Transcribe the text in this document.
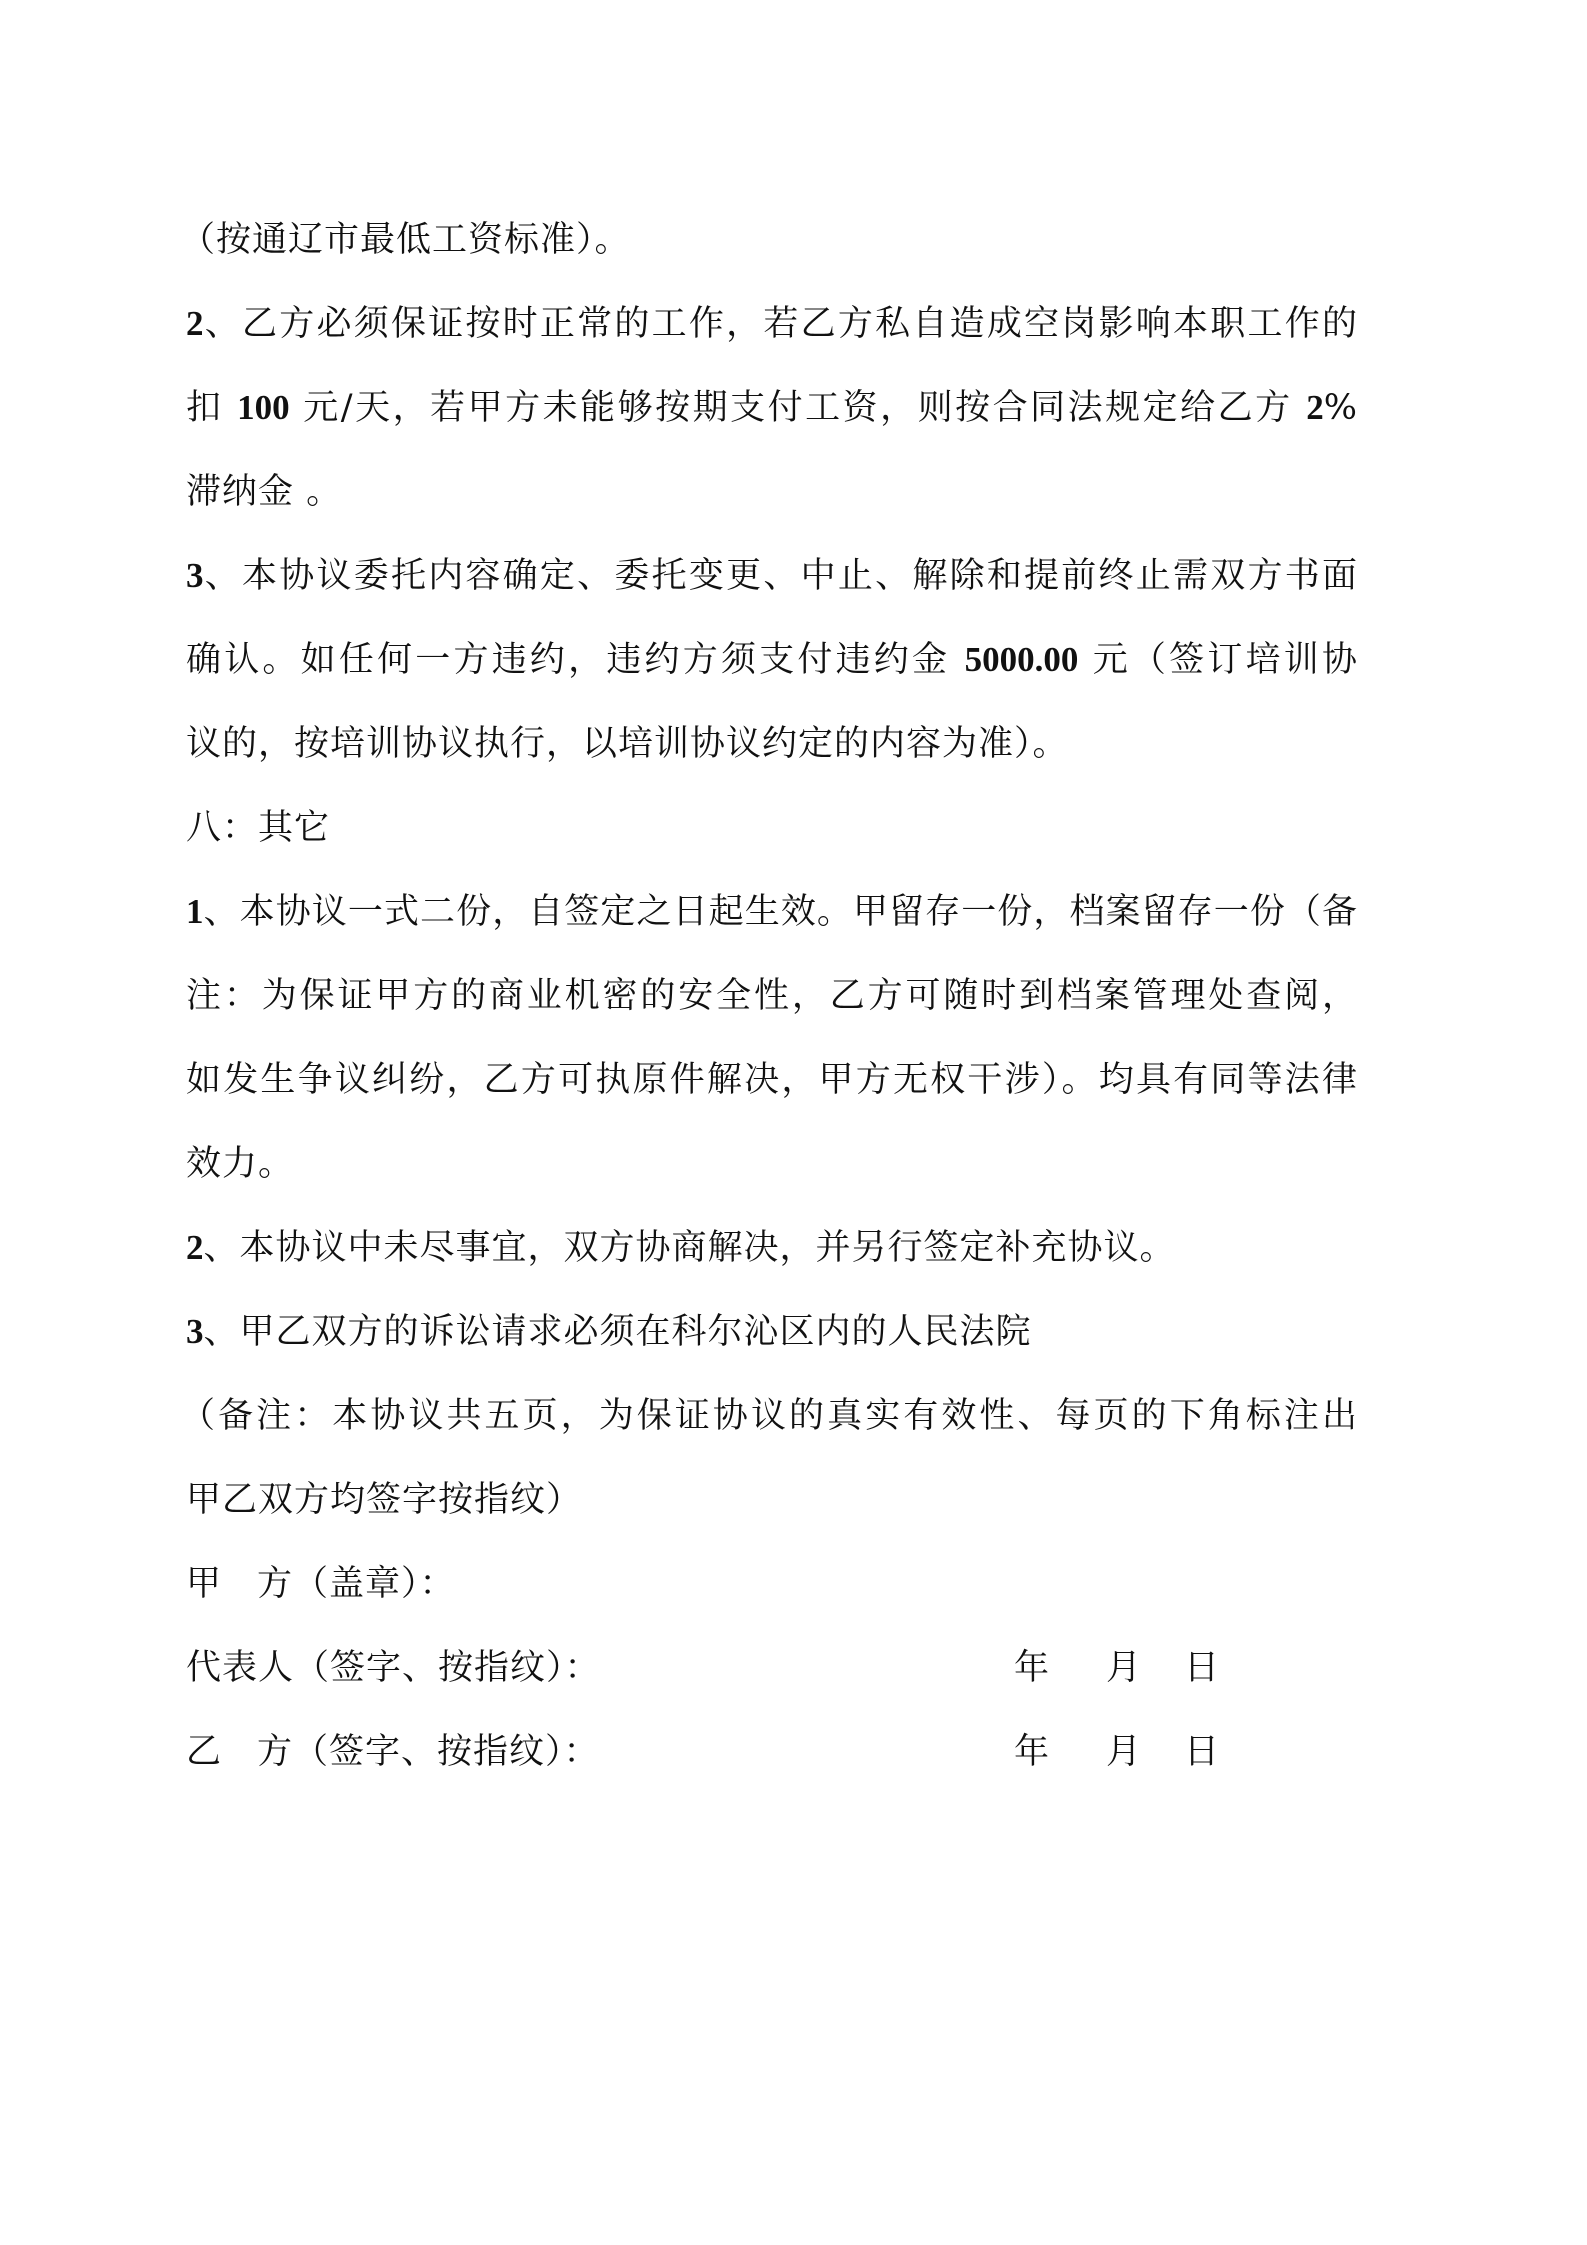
（按通辽市最低工资标准）。
2、乙方必须保证按时正常的工作，若乙方私自造成空岗影响本职工作的
扣 100 元/天，若甲方未能够按期支付工资，则按合同法规定给乙方 2%
滞纳金 。
3、本协议委托内容确定、委托变更、中止、解除和提前终止需双方书面
确认。如任何一方违约，违约方须支付违约金 5000.00 元（签订培训协
议的，按培训协议执行，以培训协议约定的内容为准）。
八：其它
1、本协议一式二份，自签定之日起生效。甲留存一份，档案留存一份（备
注：为保证甲方的商业机密的安全性，乙方可随时到档案管理处查阅，
如发生争议纠纷，乙方可执原件解决，甲方无权干涉）。均具有同等法律
效力。
2、本协议中未尽事宜，双方协商解决，并另行签定补充协议。
3、甲乙双方的诉讼请求必须在科尔沁区内的人民法院
（备注：本协议共五页，为保证协议的真实有效性、每页的下角标注出
甲乙双方均签字按指纹）
甲 方（盖章）：
代表人（签字、按指纹）：	年 月 日
乙 方（签字、按指纹）：	年 月 日
